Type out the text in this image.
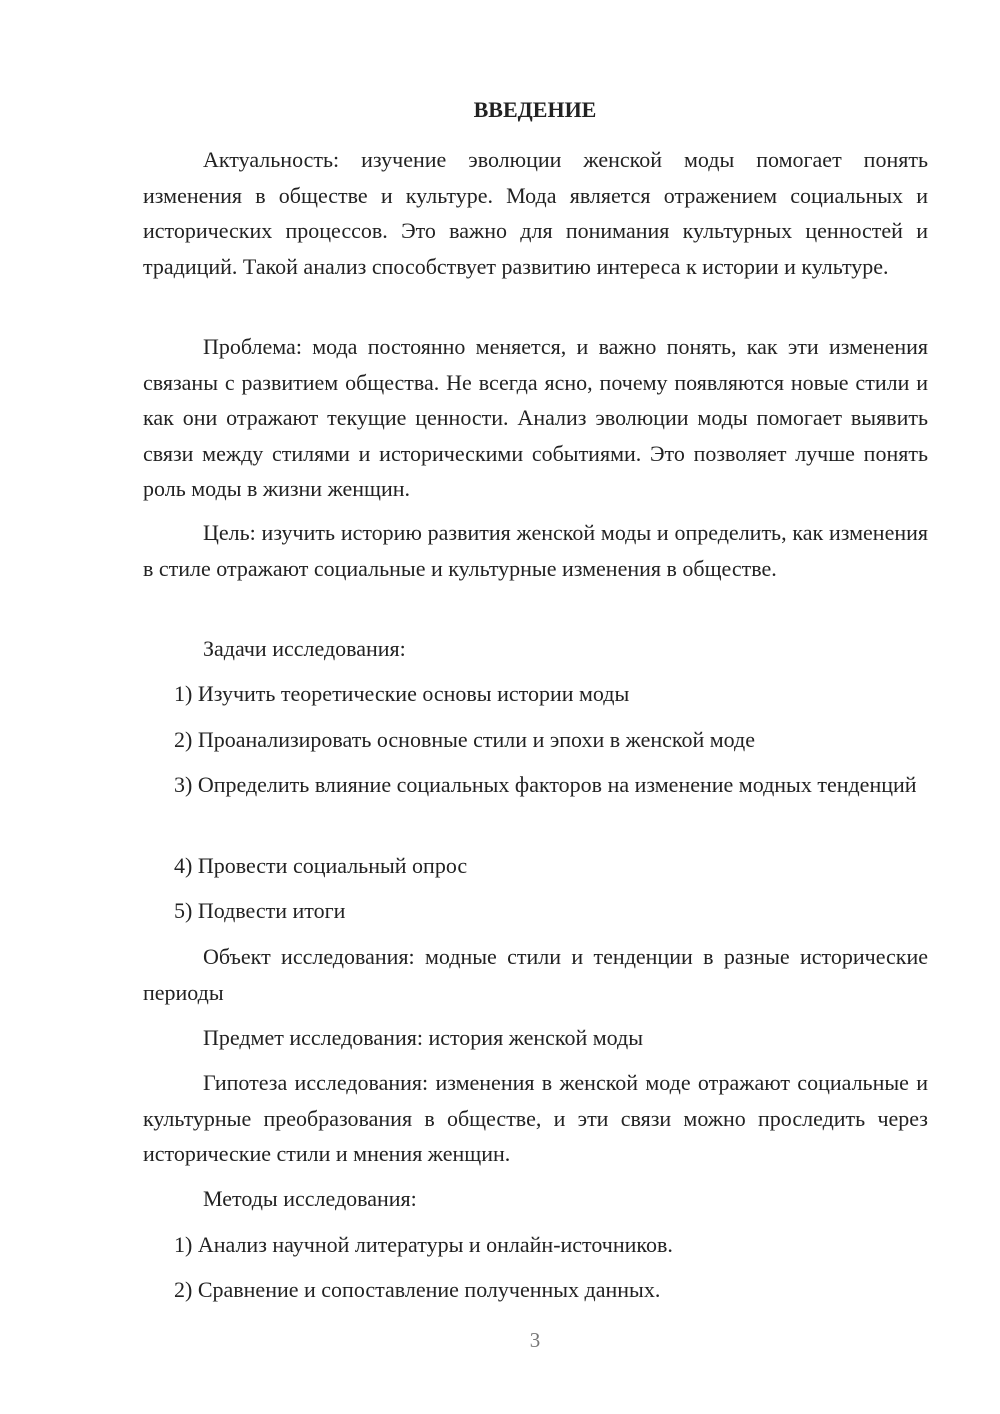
ВВЕДЕНИЕ

Актуальность: изучение эволюции женской моды помогает понять изменения в обществе и культуре. Мода является отражением социальных и исторических процессов. Это важно для понимания культурных ценностей и традиций. Такой анализ способствует развитию интереса к истории и культуре.

Проблема: мода постоянно меняется, и важно понять, как эти изменения связаны с развитием общества. Не всегда ясно, почему появляются новые стили и как они отражают текущие ценности. Анализ эволюции моды помогает выявить связи между стилями и историческими событиями. Это позволяет лучше понять роль моды в жизни женщин.

Цель: изучить историю развития женской моды и определить, как изменения в стиле отражают социальные и культурные изменения в обществе.

Задачи исследования:

1) Изучить теоретические основы истории моды

2) Проанализировать основные стили и эпохи в женской моде

3) Определить влияние социальных факторов на изменение модных тенденций

4) Провести социальный опрос

5) Подвести итоги

Объект исследования: модные стили и тенденции в разные исторические периоды

Предмет исследования: история женской моды

Гипотеза исследования: изменения в женской моде отражают социальные и культурные преобразования в обществе, и эти связи можно проследить через исторические стили и мнения женщин.

Методы исследования:

1) Анализ научной литературы и онлайн-источников.

2) Сравнение и сопоставление полученных данных.

3
